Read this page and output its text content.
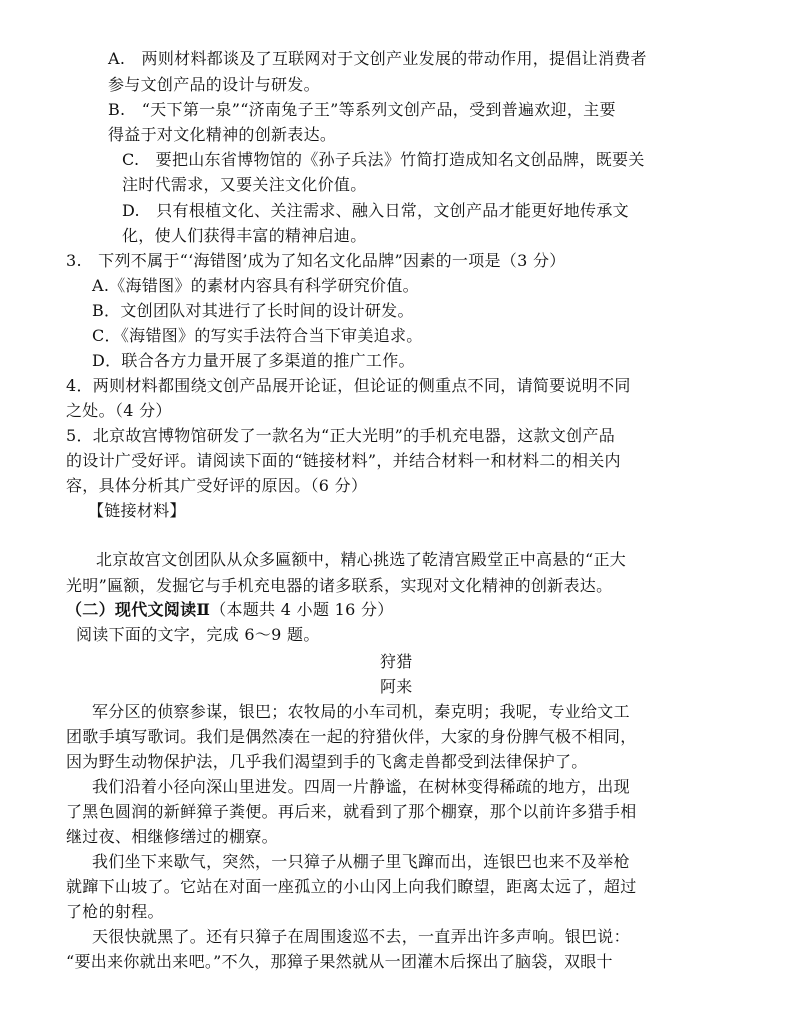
A.　两则材料都谈及了互联网对于文创产业发展的带动作用，提倡让消费者
参与文创产品的设计与研发。
B.　“天下第一泉”“济南兔子王”等系列文创产品，受到普遍欢迎，主要
得益于对文化精神的创新表达。
C.　要把山东省博物馆的《孙子兵法》竹简打造成知名文创品牌，既要关
注时代需求，又要关注文化价值。
D.　只有根植文化、关注需求、融入日常，文创产品才能更好地传承文
化，使人们获得丰富的精神启迪。
3.　下列不属于“‘海错图’成为了知名文化品牌”因素的一项是（3 分）
A.《海错图》的素材内容具有科学研究价值。
B．文创团队对其进行了长时间的设计研发。
C．《海错图》的写实手法符合当下审美追求。
D．联合各方力量开展了多渠道的推广工作。
4．两则材料都围绕文创产品展开论证，但论证的侧重点不同，请简要说明不同
之处。（4 分）
5．北京故宫博物馆研发了一款名为“正大光明”的手机充电器，这款文创产品
的设计广受好评。请阅读下面的“链接材料”，并结合材料一和材料二的相关内
容，具体分析其广受好评的原因。（6 分）
【链接材料】
北京故宫文创团队从众多匾额中，精心挑选了乾清宫殿堂正中高悬的“正大
光明”匾额，发掘它与手机充电器的诸多联系，实现对文化精神的创新表达。
（二）现代文阅读Ⅱ（本题共 4 小题 16 分）
阅读下面的文字，完成 6～9 题。
狩猎
阿来
军分区的侦察参谋，银巴；农牧局的小车司机，秦克明；我呢，专业给文工
团歌手填写歌词。我们是偶然凑在一起的狩猎伙伴，大家的身份脾气极不相同，
因为野生动物保护法，几乎我们渴望到手的飞禽走兽都受到法律保护了。
我们沿着小径向深山里进发。四周一片静谧，在树林变得稀疏的地方，出现
了黑色圆润的新鲜獐子粪便。再后来，就看到了那个棚寮，那个以前许多猎手相
继过夜、相继修缮过的棚寮。
我们坐下来歇气，突然，一只獐子从棚子里飞蹿而出，连银巴也来不及举枪
就蹿下山坡了。它站在对面一座孤立的小山冈上向我们瞭望，距离太远了，超过
了枪的射程。
天很快就黑了。还有只獐子在周围逡巡不去，一直弄出许多声响。银巴说：
“要出来你就出来吧。”不久，那獐子果然就从一团灌木后探出了脑袋，双眼十
